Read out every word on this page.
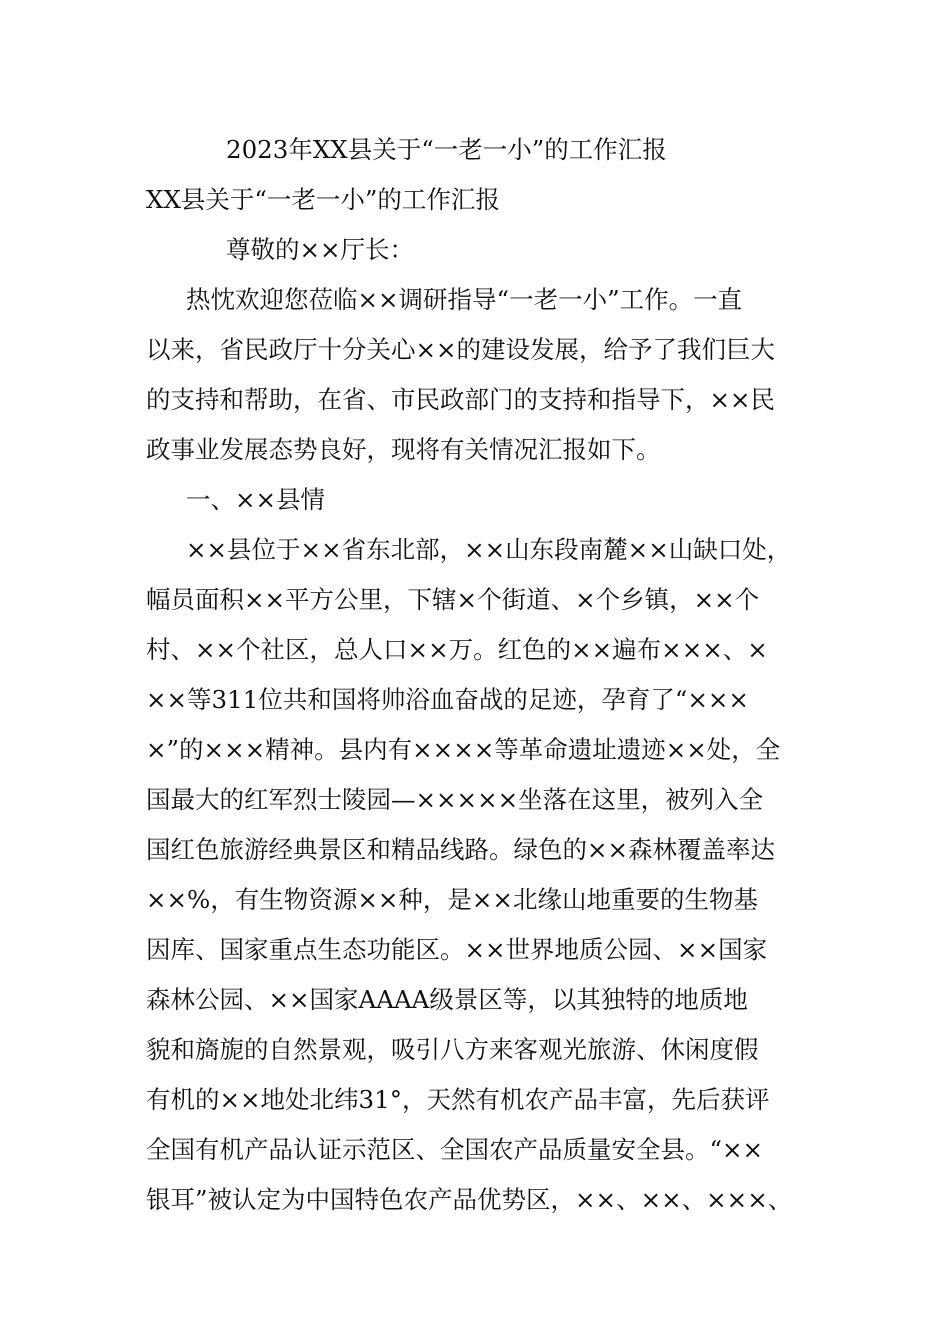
2023年XX县关于“一老一小”的工作汇报
XX县关于“一老一小”的工作汇报
尊敬的××厅长：
热忱欢迎您莅临××调研指导“一老一小”工作。一直
以来，省民政厅十分关心××的建设发展，给予了我们巨大
的支持和帮助，在省、市民政部门的支持和指导下，××民
政事业发展态势良好，现将有关情况汇报如下。
一、××县情
××县位于××省东北部，××山东段南麓××山缺口处，
幅员面积××平方公里，下辖×个街道、×个乡镇，××个
村、××个社区，总人口××万。红色的××遍布×××、×
××等311位共和国将帅浴血奋战的足迹，孕育了“×××
×”的×××精神。县内有××××等革命遗址遗迹××处，全
国最大的红军烈士陵园—×××××坐落在这里，被列入全
国红色旅游经典景区和精品线路。绿色的××森林覆盖率达
××%，有生物资源××种，是××北缘山地重要的生物基
因库、国家重点生态功能区。××世界地质公园、××国家
森林公园、××国家AAAA级景区等，以其独特的地质地
貌和旖旎的自然景观，吸引八方来客观光旅游、休闲度假
有机的××地处北纬31°，天然有机农产品丰富，先后获评
全国有机产品认证示范区、全国农产品质量安全县。“××
银耳”被认定为中国特色农产品优势区，××、××、×××、
